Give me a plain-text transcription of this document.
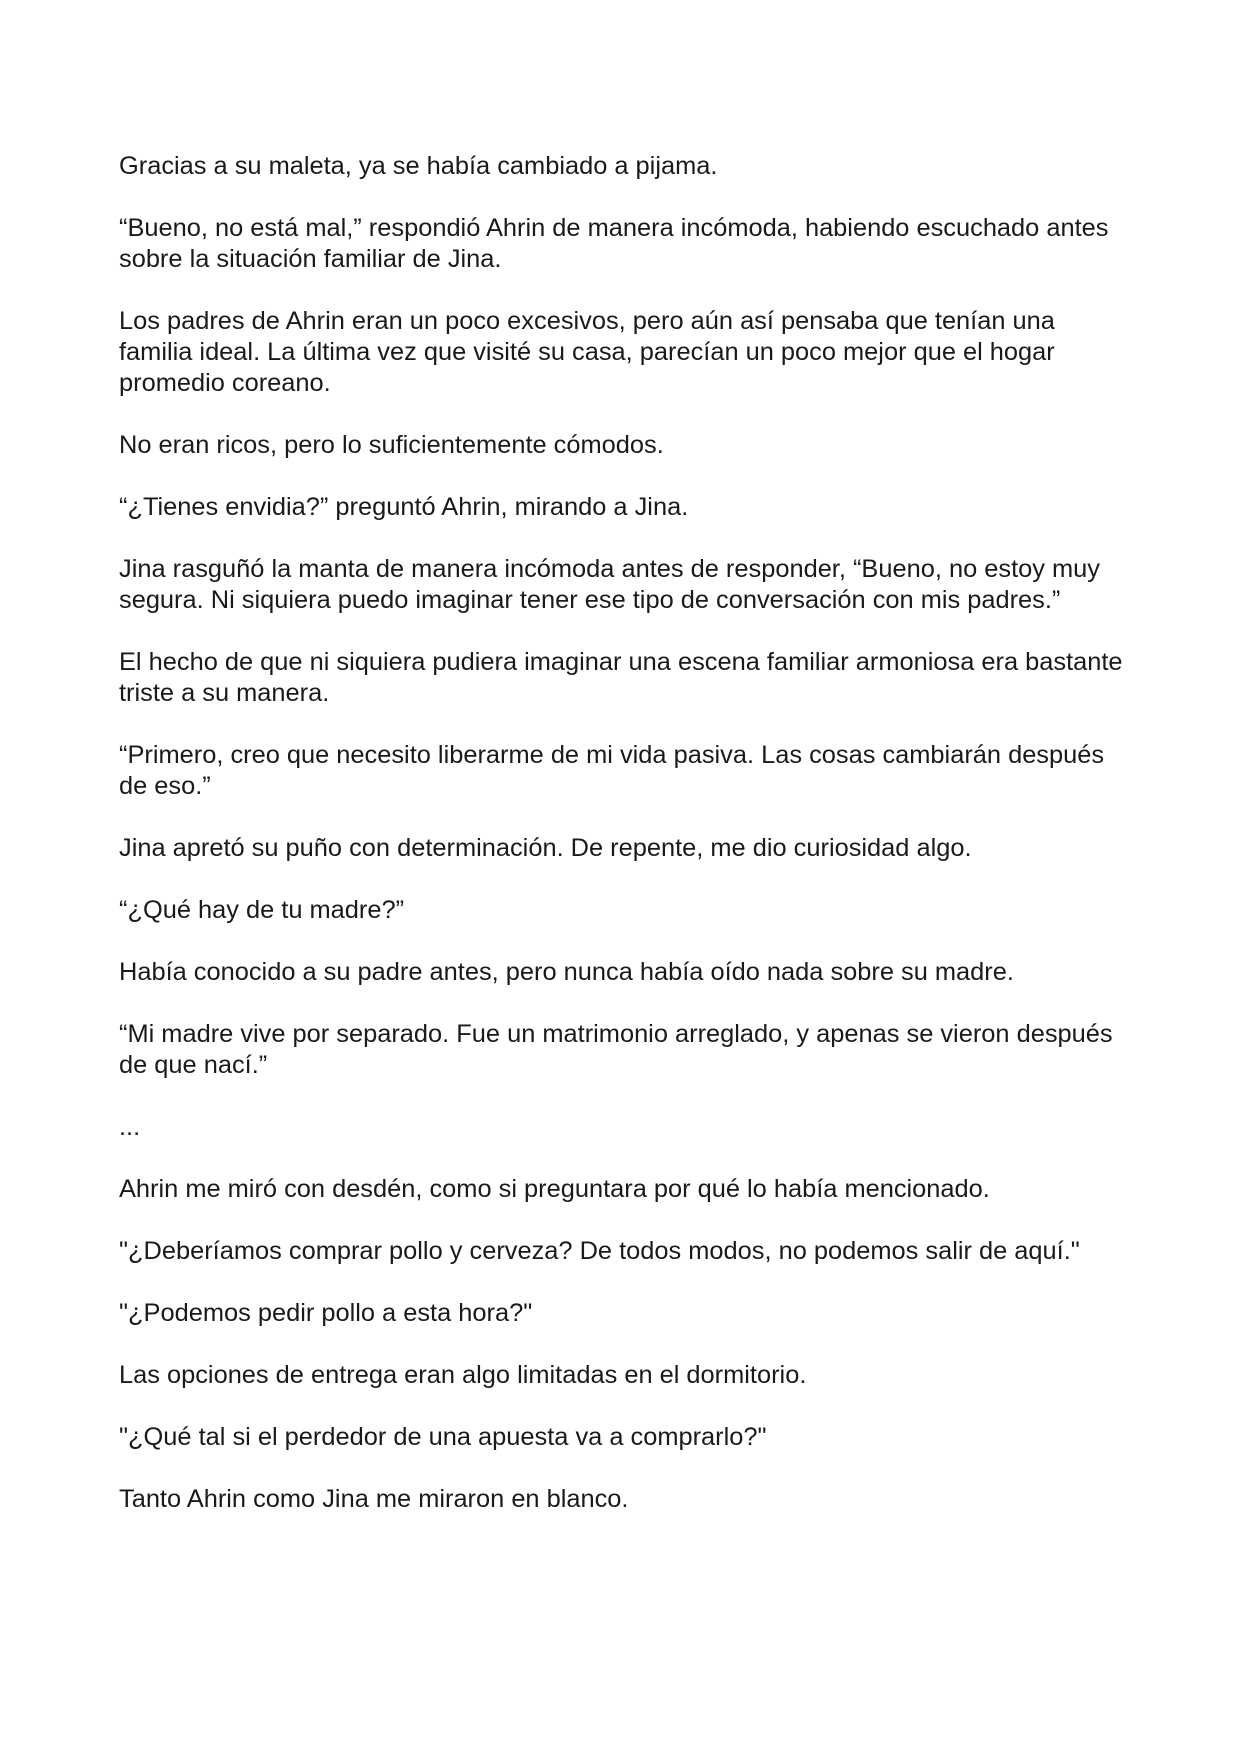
Gracias a su maleta, ya se había cambiado a pijama.

“Bueno, no está mal,” respondió Ahrin de manera incómoda, habiendo escuchado antes sobre la situación familiar de Jina.

Los padres de Ahrin eran un poco excesivos, pero aún así pensaba que tenían una familia ideal. La última vez que visité su casa, parecían un poco mejor que el hogar promedio coreano.

No eran ricos, pero lo suficientemente cómodos.

“¿Tienes envidia?” preguntó Ahrin, mirando a Jina.

Jina rasguñó la manta de manera incómoda antes de responder, “Bueno, no estoy muy segura. Ni siquiera puedo imaginar tener ese tipo de conversación con mis padres.”

El hecho de que ni siquiera pudiera imaginar una escena familiar armoniosa era bastante triste a su manera.

“Primero, creo que necesito liberarme de mi vida pasiva. Las cosas cambiarán después de eso.”

Jina apretó su puño con determinación. De repente, me dio curiosidad algo.

“¿Qué hay de tu madre?”

Había conocido a su padre antes, pero nunca había oído nada sobre su madre.

“Mi madre vive por separado. Fue un matrimonio arreglado, y apenas se vieron después de que nací.”

...

Ahrin me miró con desdén, como si preguntara por qué lo había mencionado.

"¿Deberíamos comprar pollo y cerveza? De todos modos, no podemos salir de aquí."

"¿Podemos pedir pollo a esta hora?"

Las opciones de entrega eran algo limitadas en el dormitorio.

"¿Qué tal si el perdedor de una apuesta va a comprarlo?"

Tanto Ahrin como Jina me miraron en blanco.
